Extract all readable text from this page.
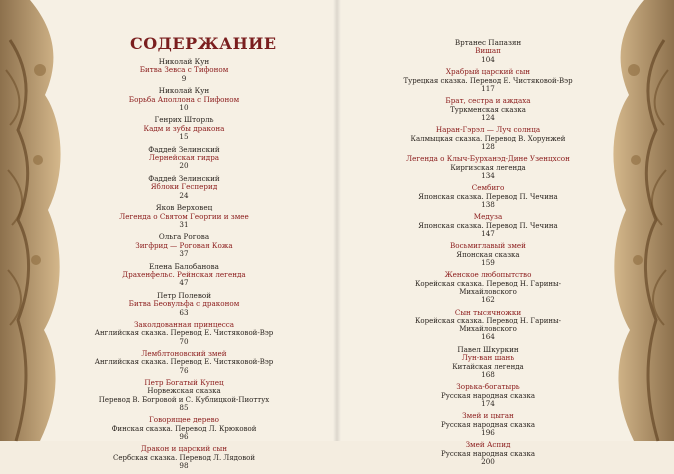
СОДЕРЖАНИЕ
Николай Кун
Битва Зевса с Тифоном
9
Николай Кун
Борьба Аполлона с Пифоном
10
Генрих Шторль
Кадм и зубы дракона
15
Фаддей Зелинский
Лернейская гидра
20
Фаддей Зелинский
Яблоки Гесперид
24
Яков Верховец
Легенда о Святом Георгии и змее
31
Ольга Рогова
Зигфрид — Роговая Кожа
37
Елена Балобанова
Драхенфельс. Рейнская легенда
47
Петр Полевой
Битва Беовульфа с драконом
63
Заколдованная принцесса
Английская сказка. Перевод Е. Чистяковой-Вэр
70
Лемблтоновский змей
Английская сказка. Перевод Е. Чистяковой-Вэр
76
Петр Богатый Купец
Норвежская сказка
Перевод В. Богровой и С. Кублицкой-Пиоттух
85
Говорящее дерево
Финская сказка. Перевод Л. Крюковой
96
Дракон и царский сын
Сербская сказка. Перевод Л. Лядовой
98
Вртанес Папазян
Вишап
104
Храбрый царский сын
Турецкая сказка. Перевод Е. Чистяковой-Вэр
117
Брат, сестра и аждаха
Туркменская сказка
124
Наран-Гэрэл — Луч солнца
Калмыцкая сказка. Перевод В. Хорунжей
128
Легенда о Клыч-Бурханэд-Дине Узенцхсон
Киргизская легенда
134
Сембиго
Японская сказка. Перевод П. Чечина
138
Медуза
Японская сказка. Перевод П. Чечина
147
Восьмиглавый змей
Японская сказка
159
Женское любопытство
Корейская сказка. Перевод Н. Гарины-Михайловского
162
Сын тысячножки
Корейская сказка. Перевод Н. Гарины-Михайловского
164
Павел Шкуркин
Лун-ван шань
Китайская легенда
168
Зорька-богатырь
Русская народная сказка
174
Змей и цыган
Русская народная сказка
196
Змей Аспид
Русская народная сказка
200
